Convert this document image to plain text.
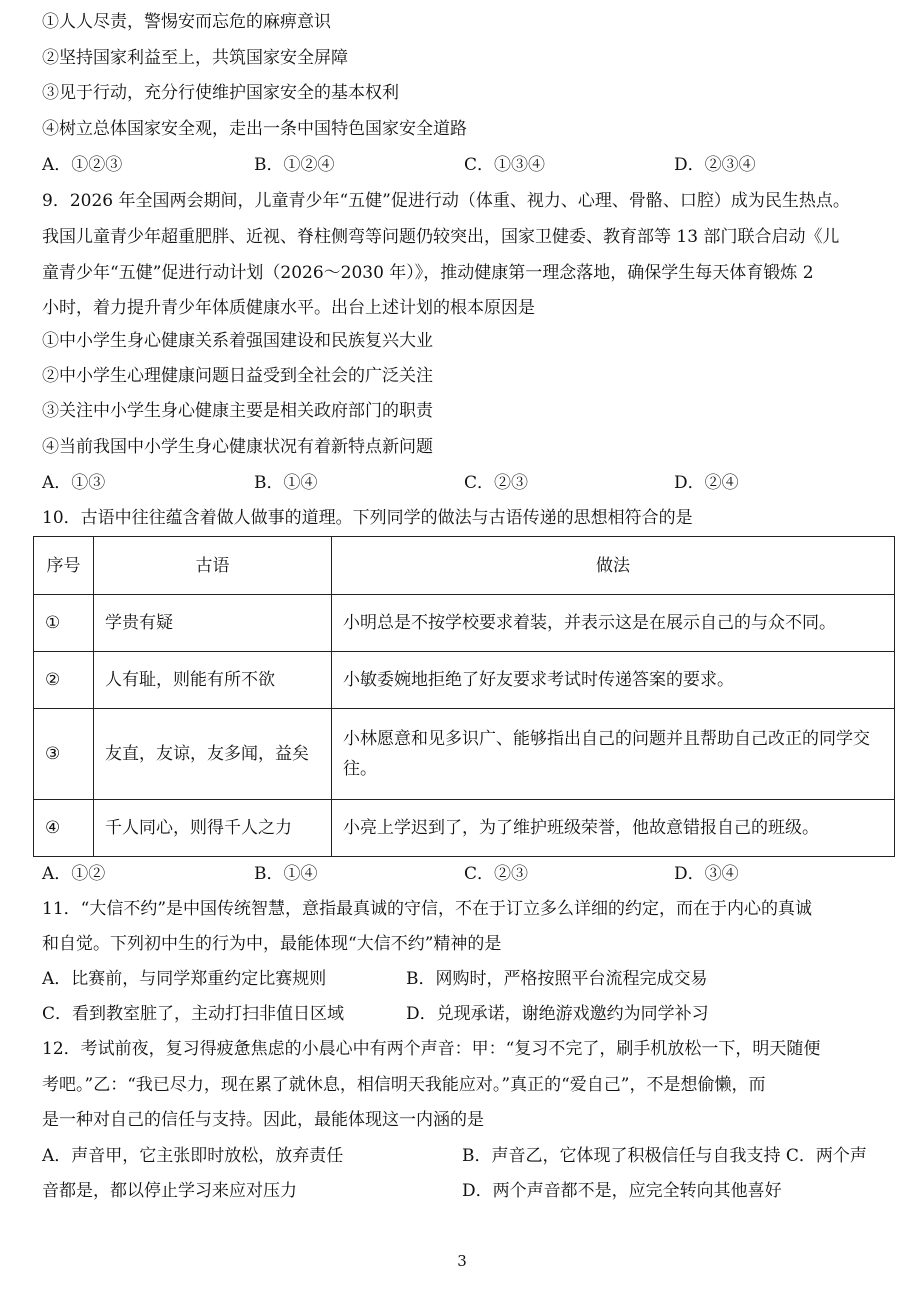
①人人尽责，警惕安而忘危的麻痹意识
②坚持国家利益至上，共筑国家安全屏障
③见于行动，充分行使维护国家安全的基本权利
④树立总体国家安全观，走出一条中国特色国家安全道路
A．①②③	B．①②④	C．①③④	D．②③④
9．2026 年全国两会期间，儿童青少年“五健”促进行动（体重、视力、心理、骨骼、口腔）成为民生热点。
我国儿童青少年超重肥胖、近视、脊柱侧弯等问题仍较突出，国家卫健委、教育部等 13 部门联合启动《儿
童青少年“五健”促进行动计划（2026～2030 年）》，推动健康第一理念落地，确保学生每天体育锻炼 2
小时，着力提升青少年体质健康水平。出台上述计划的根本原因是
①中小学生身心健康关系着强国建设和民族复兴大业
②中小学生心理健康问题日益受到全社会的广泛关注
③关注中小学生身心健康主要是相关政府部门的职责
④当前我国中小学生身心健康状况有着新特点新问题
A．①③	B．①④	C．②③	D．②④
10．古语中往往蕴含着做人做事的道理。下列同学的做法与古语传递的思想相符合的是
序号	古语	做法
①	学贵有疑	小明总是不按学校要求着装，并表示这是在展示自己的与众不同。
②	人有耻，则能有所不欲	小敏委婉地拒绝了好友要求考试时传递答案的要求。
③	友直，友谅，友多闻，益矣	小林愿意和见多识广、能够指出自己的问题并且帮助自己改正的同学交往。
④	千人同心，则得千人之力	小亮上学迟到了，为了维护班级荣誉，他故意错报自己的班级。
A．①②	B．①④	C．②③	D．③④
11．“大信不约”是中国传统智慧，意指最真诚的守信，不在于订立多么详细的约定，而在于内心的真诚
和自觉。下列初中生的行为中，最能体现“大信不约”精神的是
A．比赛前，与同学郑重约定比赛规则	B．网购时，严格按照平台流程完成交易
C．看到教室脏了，主动打扫非值日区域	D．兑现承诺，谢绝游戏邀约为同学补习
12．考试前夜，复习得疲惫焦虑的小晨心中有两个声音：甲：“复习不完了，刷手机放松一下，明天随便
考吧。”乙：“我已尽力，现在累了就休息，相信明天我能应对。”真正的“爱自己”，不是想偷懒，而
是一种对自己的信任与支持。因此，最能体现这一内涵的是
A．声音甲，它主张即时放松，放弃责任	B．声音乙，它体现了积极信任与自我支持 C．两个声
音都是，都以停止学习来应对压力	D．两个声音都不是，应完全转向其他喜好
3
